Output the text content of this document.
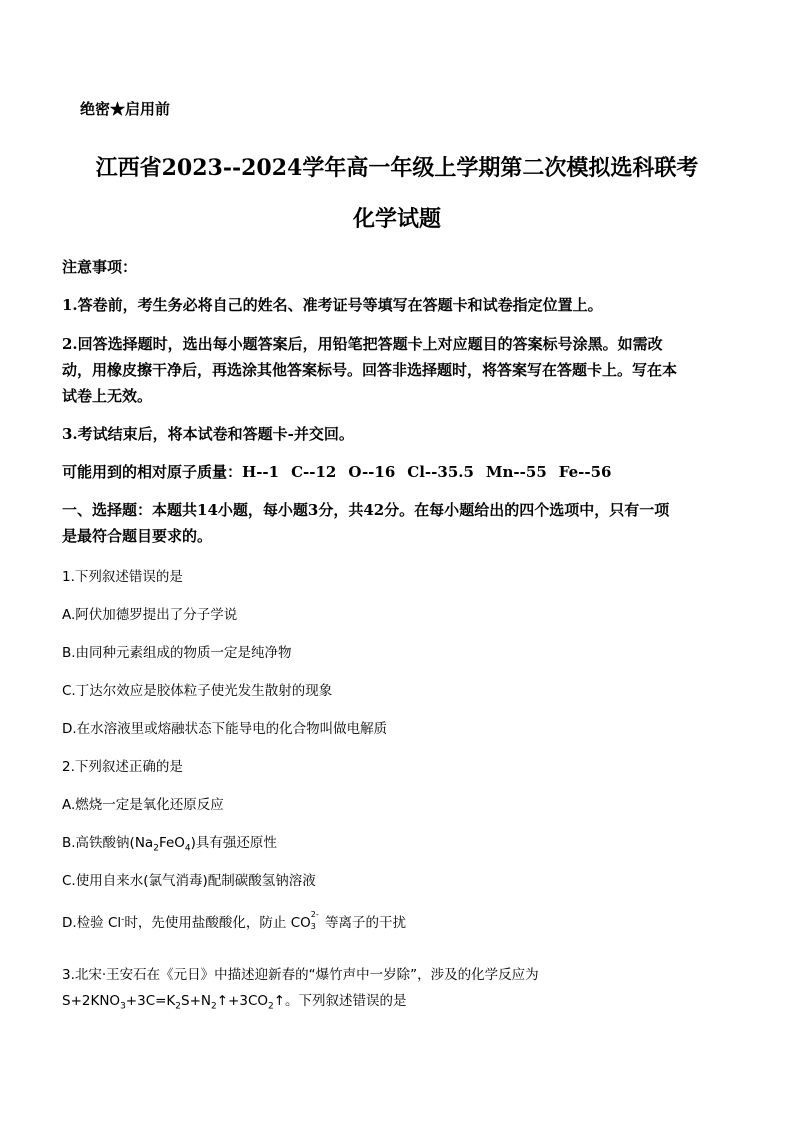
绝密★启用前
江西省2023--2024学年高一年级上学期第二次模拟选科联考
化学试题
注意事项：
1.答卷前，考生务必将自己的姓名、准考证号等填写在答题卡和试卷指定位置上。
2.回答选择题时，选出每小题答案后，用铅笔把答题卡上对应题目的答案标号涂黑。如需改
动，用橡皮擦干净后，再选涂其他答案标号。回答非选择题时，将答案写在答题卡上。写在本
试卷上无效。
3.考试结束后，将本试卷和答题卡-并交回。
可能用到的相对原子质量：H--1 C--12 O--16 Cl--35.5 Mn--55 Fe--56
一、选择题：本题共14小题，每小题3分，共42分。在每小题给出的四个选项中，只有一项
是最符合题目要求的。
1.下列叙述错误的是
A.阿伏加德罗提出了分子学说
B.由同种元素组成的物质一定是纯净物
C.丁达尔效应是胶体粒子使光发生散射的现象
D.在水溶液里或熔融状态下能导电的化合物叫做电解质
2.下列叙述正确的是
A.燃烧一定是氧化还原反应
B.高铁酸钠$(Na_2FeO_4)$具有强还原性
C.使用自来水(氯气消毒)配制碳酸氢钠溶液
D.检验 Cl-时，先使用盐酸酸化，防止 CO
2-
3 等离子的干扰
3.北宋·王安石在《元日》中描述迎新春的“爆竹声中一岁除”，涉及的化学反应为
$S+2KNO_3+3C=K_2S+N_2↑+3CO_2↑$。下列叙述错误的是
